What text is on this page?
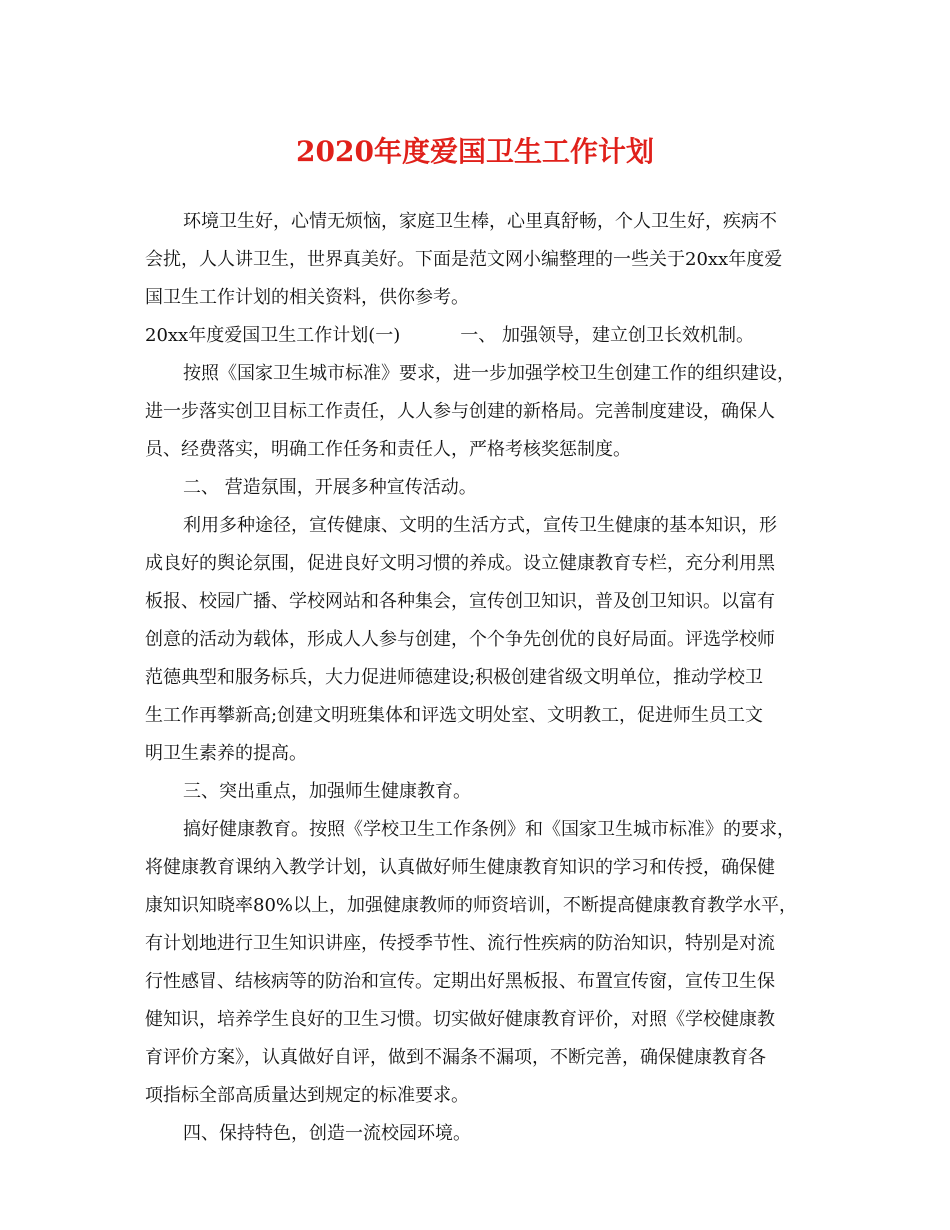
2020年度爱国卫生工作计划
环境卫生好，心情无烦恼，家庭卫生棒，心里真舒畅，个人卫生好，疾病不
会扰，人人讲卫生，世界真美好。下面是范文网小编整理的一些关于20xx年度爱
国卫生工作计划的相关资料，供你参考。
20xx年度爱国卫生工作计划(一)	一、 加强领导，建立创卫长效机制。
按照《国家卫生城市标准》要求，进一步加强学校卫生创建工作的组织建设，
进一步落实创卫目标工作责任，人人参与创建的新格局。完善制度建设，确保人
员、经费落实，明确工作任务和责任人，严格考核奖惩制度。
二、 营造氛围，开展多种宣传活动。
利用多种途径，宣传健康、文明的生活方式，宣传卫生健康的基本知识，形
成良好的舆论氛围，促进良好文明习惯的养成。设立健康教育专栏，充分利用黑
板报、校园广播、学校网站和各种集会，宣传创卫知识，普及创卫知识。以富有
创意的活动为载体，形成人人参与创建，个个争先创优的良好局面。评选学校师
范德典型和服务标兵，大力促进师德建设;积极创建省级文明单位，推动学校卫
生工作再攀新高;创建文明班集体和评选文明处室、文明教工，促进师生员工文
明卫生素养的提高。
三、突出重点，加强师生健康教育。
搞好健康教育。按照《学校卫生工作条例》和《国家卫生城市标准》的要求，
将健康教育课纳入教学计划，认真做好师生健康教育知识的学习和传授，确保健
康知识知晓率80%以上，加强健康教师的师资培训，不断提高健康教育教学水平，
有计划地进行卫生知识讲座，传授季节性、流行性疾病的防治知识，特别是对流
行性感冒、结核病等的防治和宣传。定期出好黑板报、布置宣传窗，宣传卫生保
健知识，培养学生良好的卫生习惯。切实做好健康教育评价，对照《学校健康教
育评价方案》，认真做好自评，做到不漏条不漏项，不断完善，确保健康教育各
项指标全部高质量达到规定的标准要求。
四、保持特色，创造一流校园环境。
